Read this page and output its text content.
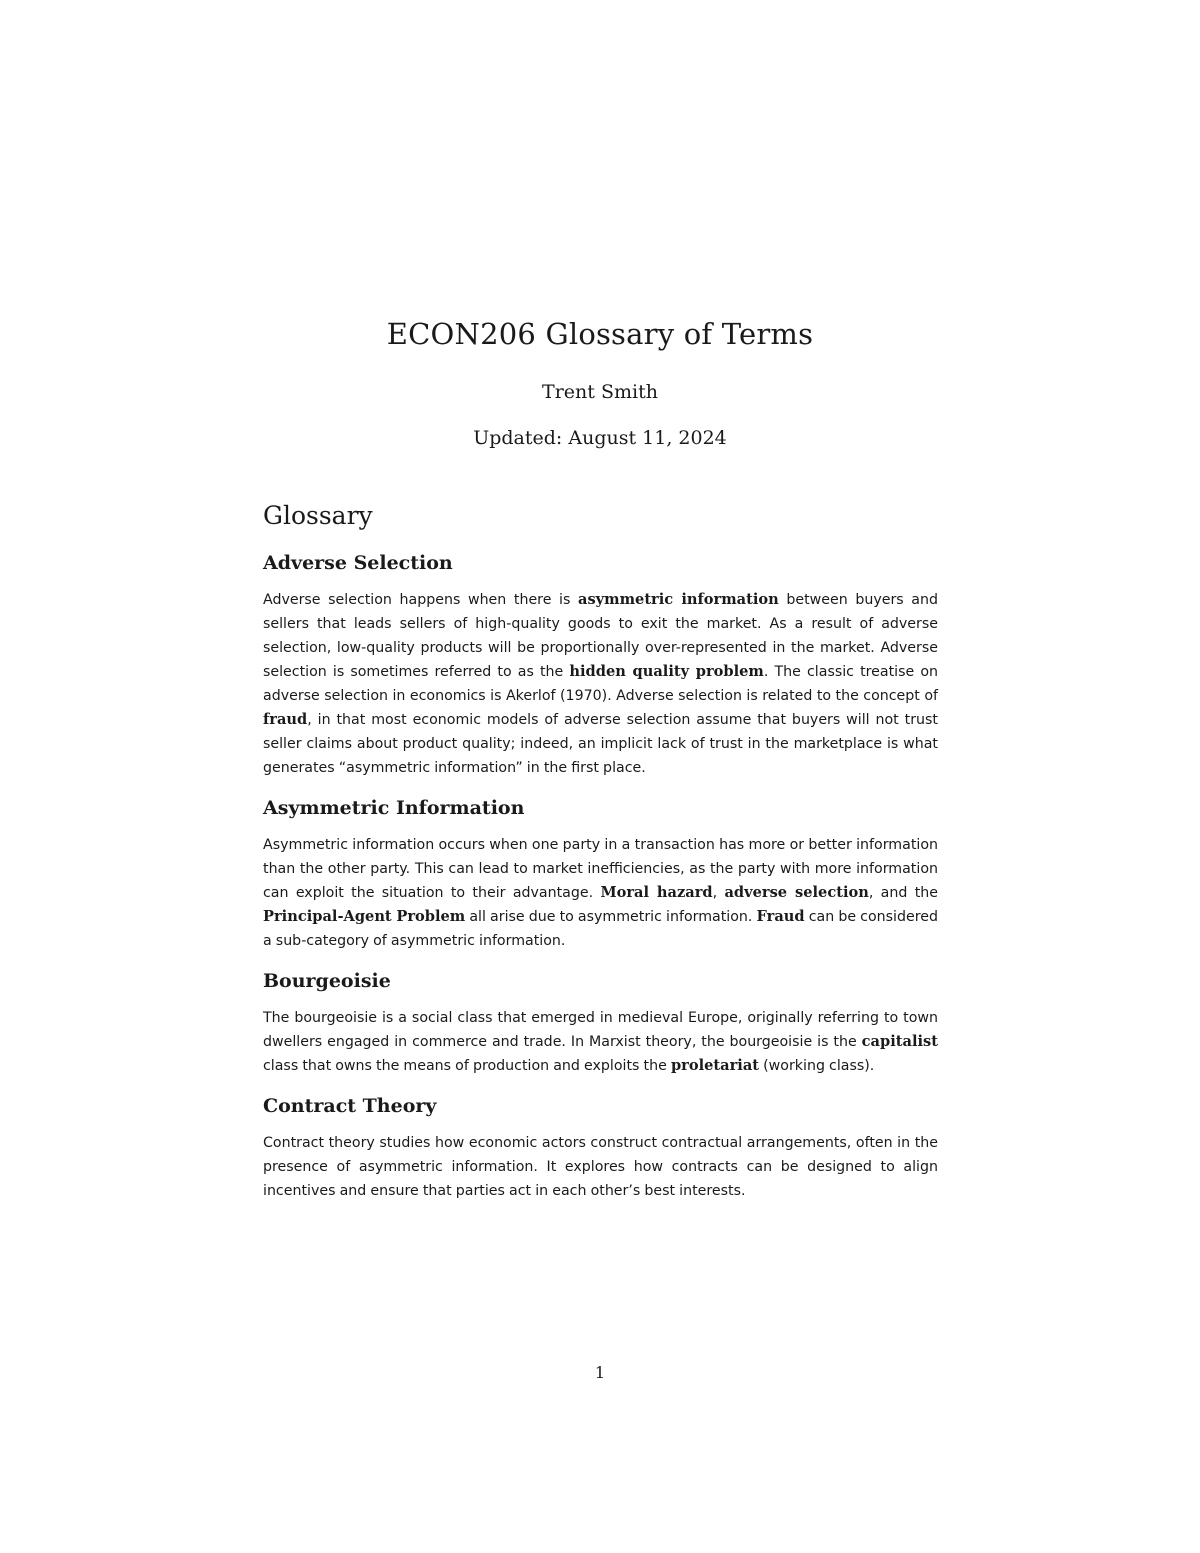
ECON206 Glossary of Terms
Trent Smith
Updated: August 11, 2024
Glossary
Adverse Selection

Adverse selection happens when there is asymmetric information between buyers and sellers that leads sellers of high-quality goods to exit the market. As a result of adverse selection, low-quality products will be proportionally over-represented in the market. Adverse selection is sometimes referred to as the hidden quality problem. The classic treatise on adverse selection in economics is Akerlof (1970). Adverse selection is related to the concept of fraud, in that most economic models of adverse selection assume that buyers will not trust seller claims about product quality; indeed, an implicit lack of trust in the marketplace is what generates “asymmetric information” in the first place.

Asymmetric Information

Asymmetric information occurs when one party in a transaction has more or better information than the other party. This can lead to market inefficiencies, as the party with more information can exploit the situation to their advantage. Moral hazard, adverse selection, and the Principal-Agent Problem all arise due to asymmetric information. Fraud can be considered a sub-category of asymmetric information.

Bourgeoisie

The bourgeoisie is a social class that emerged in medieval Europe, originally referring to town dwellers engaged in commerce and trade. In Marxist theory, the bourgeoisie is the capitalist class that owns the means of production and exploits the proletariat (working class).

Contract Theory

Contract theory studies how economic actors construct contractual arrangements, often in the presence of asymmetric information. It explores how contracts can be designed to align incentives and ensure that parties act in each other’s best interests.

1
